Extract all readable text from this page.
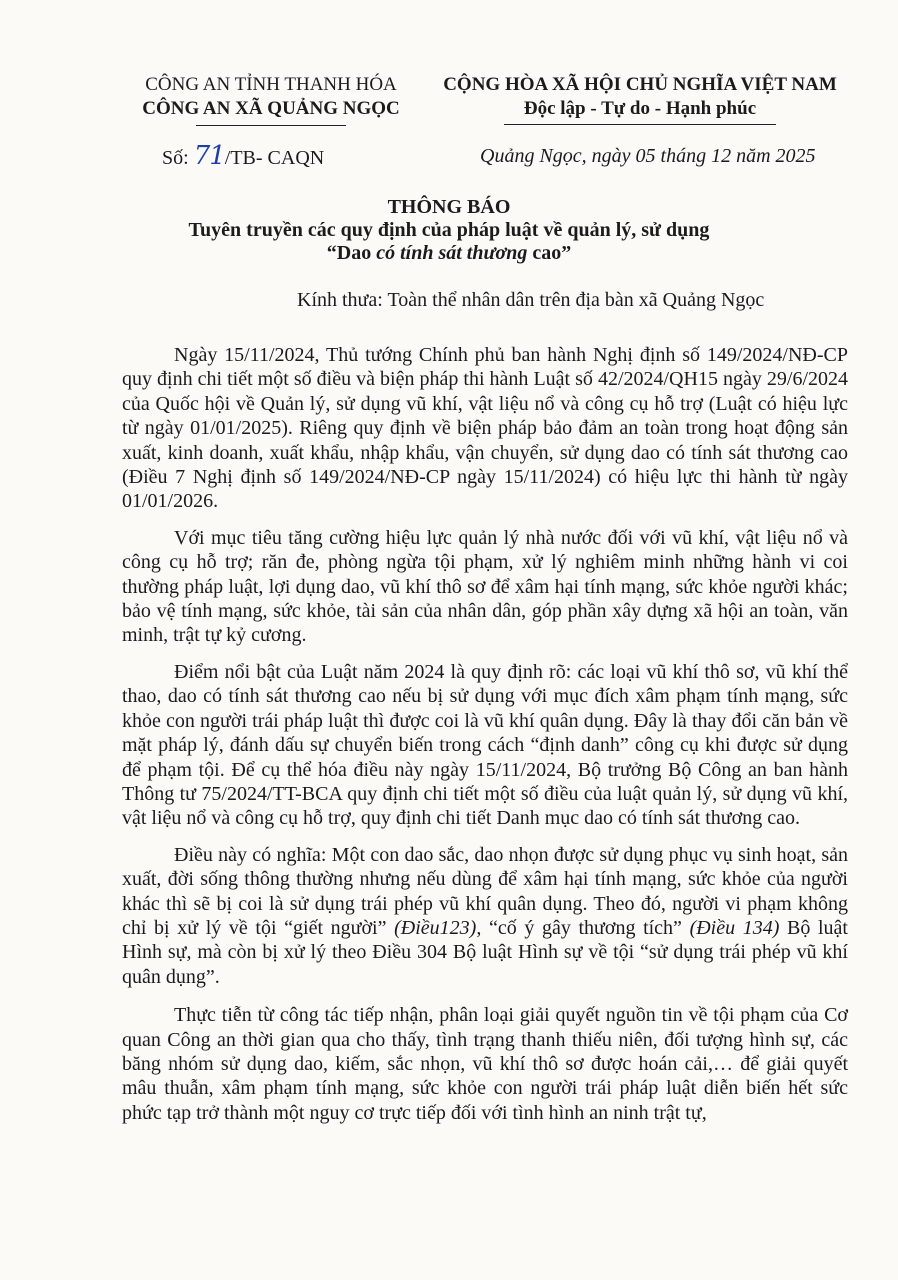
CÔNG AN TỈNH THANH HÓA
CÔNG AN XÃ QUẢNG NGỌC
CỘNG HÒA XÃ HỘI CHỦ NGHĨA VIỆT NAM
Độc lập - Tự do - Hạnh phúc
Số: 71/TB- CAQN	Quảng Ngọc, ngày 05 tháng 12 năm 2025
THÔNG BÁO
Tuyên truyền các quy định của pháp luật về quản lý, sử dụng
“Dao có tính sát thương cao”
Kính thưa: Toàn thể nhân dân trên địa bàn xã Quảng Ngọc

Ngày 15/11/2024, Thủ tướng Chính phủ ban hành Nghị định số 149/2024/NĐ-CP quy định chi tiết một số điều và biện pháp thi hành Luật số 42/2024/QH15 ngày 29/6/2024 của Quốc hội về Quản lý, sử dụng vũ khí, vật liệu nổ và công cụ hỗ trợ (Luật có hiệu lực từ ngày 01/01/2025). Riêng quy định về biện pháp bảo đảm an toàn trong hoạt động sản xuất, kinh doanh, xuất khẩu, nhập khẩu, vận chuyển, sử dụng dao có tính sát thương cao (Điều 7 Nghị định số 149/2024/NĐ-CP ngày 15/11/2024) có hiệu lực thi hành từ ngày 01/01/2026.

Với mục tiêu tăng cường hiệu lực quản lý nhà nước đối với vũ khí, vật liệu nổ và công cụ hỗ trợ; răn đe, phòng ngừa tội phạm, xử lý nghiêm minh những hành vi coi thường pháp luật, lợi dụng dao, vũ khí thô sơ để xâm hại tính mạng, sức khỏe người khác; bảo vệ tính mạng, sức khỏe, tài sản của nhân dân, góp phần xây dựng xã hội an toàn, văn minh, trật tự kỷ cương.

Điểm nổi bật của Luật năm 2024 là quy định rõ: các loại vũ khí thô sơ, vũ khí thể thao, dao có tính sát thương cao nếu bị sử dụng với mục đích xâm phạm tính mạng, sức khỏe con người trái pháp luật thì được coi là vũ khí quân dụng. Đây là thay đổi căn bản về mặt pháp lý, đánh dấu sự chuyển biến trong cách “định danh” công cụ khi được sử dụng để phạm tội. Để cụ thể hóa điều này ngày 15/11/2024, Bộ trưởng Bộ Công an ban hành Thông tư 75/2024/TT-BCA quy định chi tiết một số điều của luật quản lý, sử dụng vũ khí, vật liệu nổ và công cụ hỗ trợ, quy định chi tiết Danh mục dao có tính sát thương cao.

Điều này có nghĩa: Một con dao sắc, dao nhọn được sử dụng phục vụ sinh hoạt, sản xuất, đời sống thông thường nhưng nếu dùng để xâm hại tính mạng, sức khỏe của người khác thì sẽ bị coi là sử dụng trái phép vũ khí quân dụng. Theo đó, người vi phạm không chỉ bị xử lý về tội “giết người” (Điều123), “cố ý gây thương tích” (Điều 134) Bộ luật Hình sự, mà còn bị xử lý theo Điều 304 Bộ luật Hình sự về tội “sử dụng trái phép vũ khí quân dụng”.

Thực tiễn từ công tác tiếp nhận, phân loại giải quyết nguồn tin về tội phạm của Cơ quan Công an thời gian qua cho thấy, tình trạng thanh thiếu niên, đối tượng hình sự, các băng nhóm sử dụng dao, kiếm, sắc nhọn, vũ khí thô sơ được hoán cải,… để giải quyết mâu thuẫn, xâm phạm tính mạng, sức khỏe con người trái pháp luật diễn biến hết sức phức tạp trở thành một nguy cơ trực tiếp đối với tình hình an ninh trật tự,
